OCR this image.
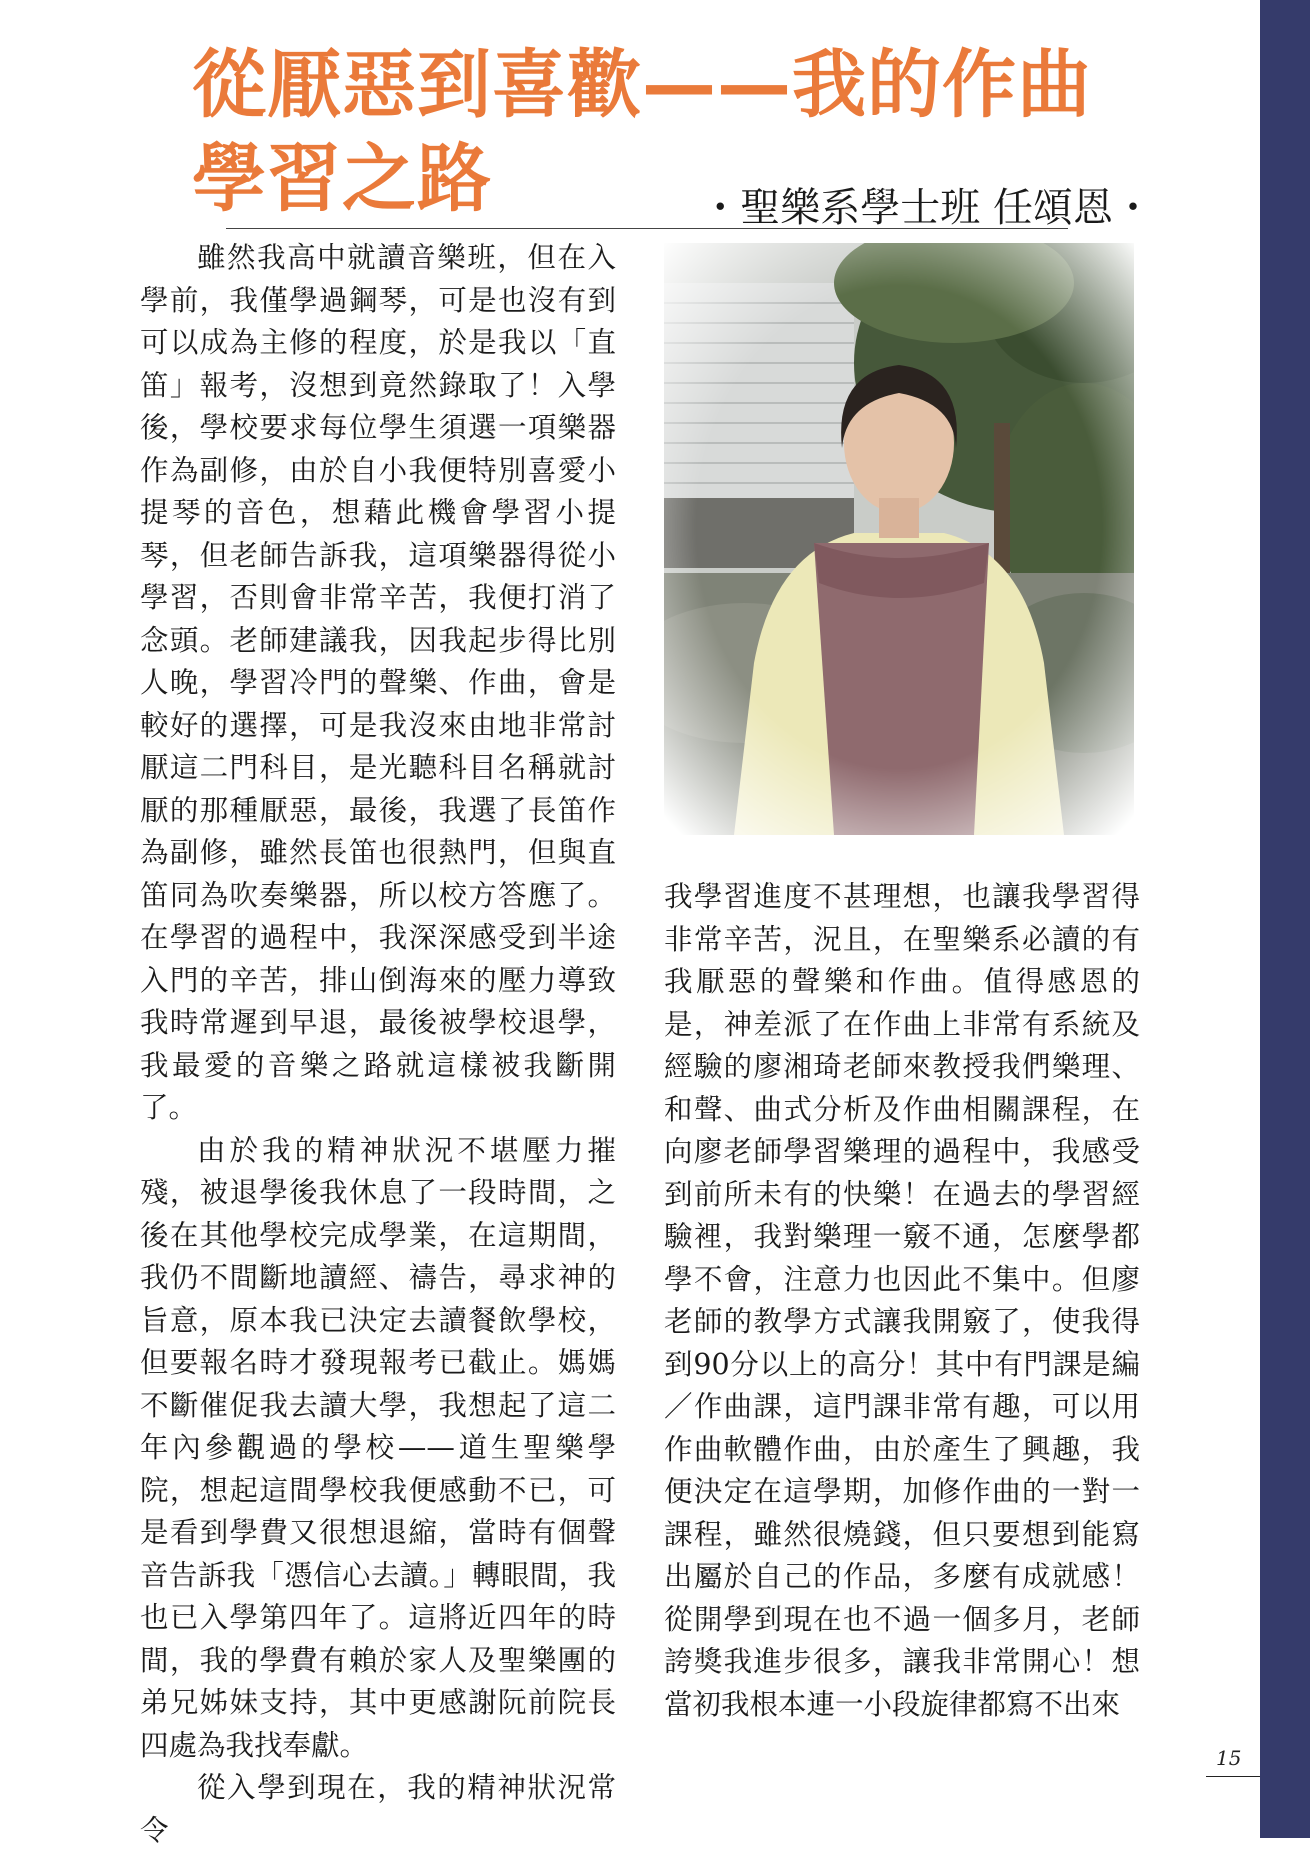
從厭惡到喜歡——我的作曲
學習之路	・聖樂系學士班 任頌恩・

雖然我高中就讀音樂班，但在入學前，我僅學過鋼琴，可是也沒有到可以成為主修的程度，於是我以「直笛」報考，沒想到竟然錄取了！入學後，學校要求每位學生須選一項樂器作為副修，由於自小我便特別喜愛小提琴的音色，想藉此機會學習小提琴，但老師告訴我，這項樂器得從小學習，否則會非常辛苦，我便打消了念頭。老師建議我，因我起步得比別人晚，學習冷門的聲樂、作曲，會是較好的選擇，可是我沒來由地非常討厭這二門科目，是光聽科目名稱就討厭的那種厭惡，最後，我選了長笛作為副修，雖然長笛也很熱門，但與直笛同為吹奏樂器，所以校方答應了。在學習的過程中，我深深感受到半途入門的辛苦，排山倒海來的壓力導致我時常遲到早退，最後被學校退學，我最愛的音樂之路就這樣被我斷開了。

由於我的精神狀況不堪壓力摧殘，被退學後我休息了一段時間，之後在其他學校完成學業，在這期間，我仍不間斷地讀經、禱告，尋求神的旨意，原本我已決定去讀餐飲學校，但要報名時才發現報考已截止。媽媽不斷催促我去讀大學，我想起了這二年內參觀過的學校——道生聖樂學院，想起這間學校我便感動不已，可是看到學費又很想退縮，當時有個聲音告訴我「憑信心去讀。」轉眼間，我也已入學第四年了。這將近四年的時間，我的學費有賴於家人及聖樂團的弟兄姊妹支持，其中更感謝阮前院長四處為我找奉獻。

從入學到現在，我的精神狀況常令

我學習進度不甚理想，也讓我學習得非常辛苦，況且，在聖樂系必讀的有我厭惡的聲樂和作曲。值得感恩的是，神差派了在作曲上非常有系統及經驗的廖湘琦老師來教授我們樂理、和聲、曲式分析及作曲相關課程，在向廖老師學習樂理的過程中，我感受到前所未有的快樂！在過去的學習經驗裡，我對樂理一竅不通，怎麼學都學不會，注意力也因此不集中。但廖老師的教學方式讓我開竅了，使我得到90分以上的高分！其中有門課是編／作曲課，這門課非常有趣，可以用作曲軟體作曲，由於產生了興趣，我便決定在這學期，加修作曲的一對一課程，雖然很燒錢，但只要想到能寫出屬於自己的作品，多麼有成就感！從開學到現在也不過一個多月，老師誇獎我進步很多，讓我非常開心！想當初我根本連一小段旋律都寫不出來

15
